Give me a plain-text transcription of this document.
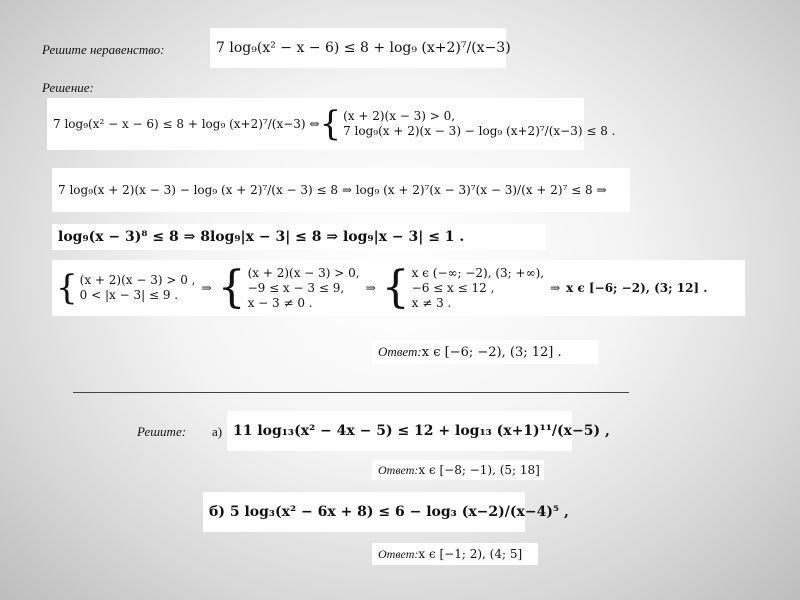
Решите неравенство:	7 log₉(x² − x − 6) ≤ 8 + log₉ (x+2)⁷/(x−3)
Решение:
7 log₉(x² − x − 6) ≤ 8 + log₉ (x+2)⁷/(x−3) ⇔ { (x + 2)(x − 3) > 0,
7 log₉(x + 2)(x − 3) − log₉ (x+2)⁷/(x−3) ≤ 8 .
7 log₉(x + 2)(x − 3) − log₉ (x + 2)⁷/(x − 3) ≤ 8 ⇒ log₉ (x + 2)⁷(x − 3)⁷(x − 3)/(x + 2)⁷ ≤ 8 ⇒
log₉(x − 3)⁸ ≤ 8 ⇒ 8log₉|x − 3| ≤ 8 ⇒ log₉|x − 3| ≤ 1 .
{ (x + 2)(x − 3) > 0 ,
0 < |x − 3| ≤ 9 .	⇒ { (x + 2)(x − 3) > 0,
−9 ≤ x − 3 ≤ 9,
x − 3 ≠ 0 .
⇒ { x ϵ (−∞; −2), (3; +∞),
−6 ≤ x ≤ 12 ,
x ≠ 3 .
⇒ x ϵ [−6; −2), (3; 12] .
Ответ: x ϵ [−6; −2), (3; 12] .
Решите: а) 11 log₁₃(x² − 4x − 5) ≤ 12 + log₁₃ (x+1)¹¹/(x−5) ,
Ответ: x ϵ [−8; −1), (5; 18]
б) 5 log₃(x² − 6x + 8) ≤ 6 − log₃ (x−2)/(x−4)⁵ ,
Ответ: x ϵ [−1; 2), (4; 5]
